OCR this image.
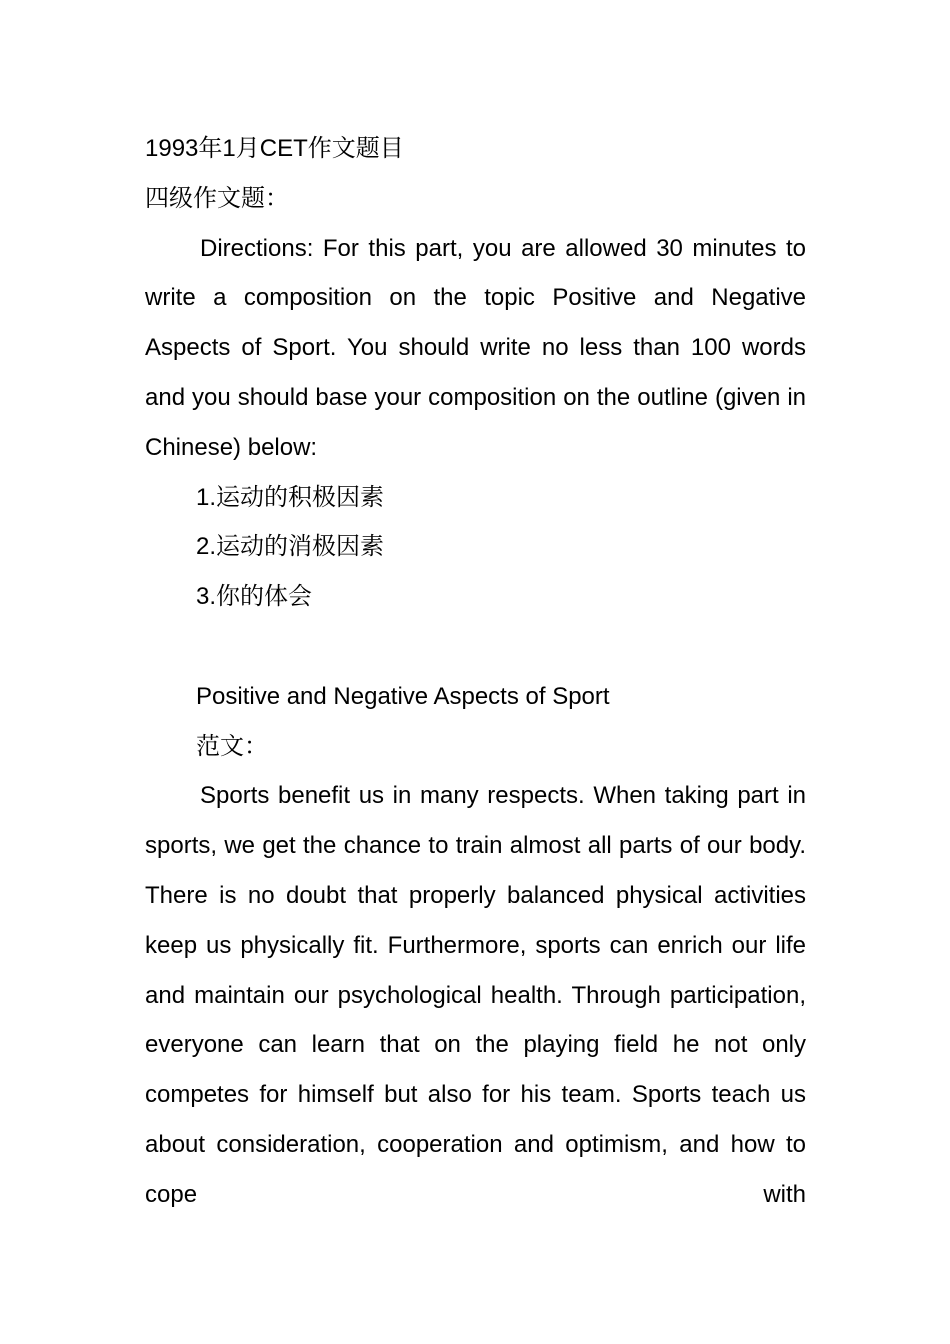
1993年1月CET作文题目

四级作文题：

Directions: For this part, you are allowed 30 minutes to write a composition on the topic Positive and Negative Aspects of Sport. You should write no less than 100 words and you should base your composition on the outline (given in Chinese) below:

1.运动的积极因素

2.运动的消极因素

3.你的体会

Positive and Negative Aspects of Sport

范文：

Sports benefit us in many respects. When taking part in sports, we get the chance to train almost all parts of our body. There is no doubt that properly balanced physical activities keep us physically fit. Furthermore, sports can enrich our life and maintain our psychological health. Through participation, everyone can learn that on the playing field he not only competes for himself but also for his team. Sports teach us about consideration, cooperation and optimism, and how to cope with
